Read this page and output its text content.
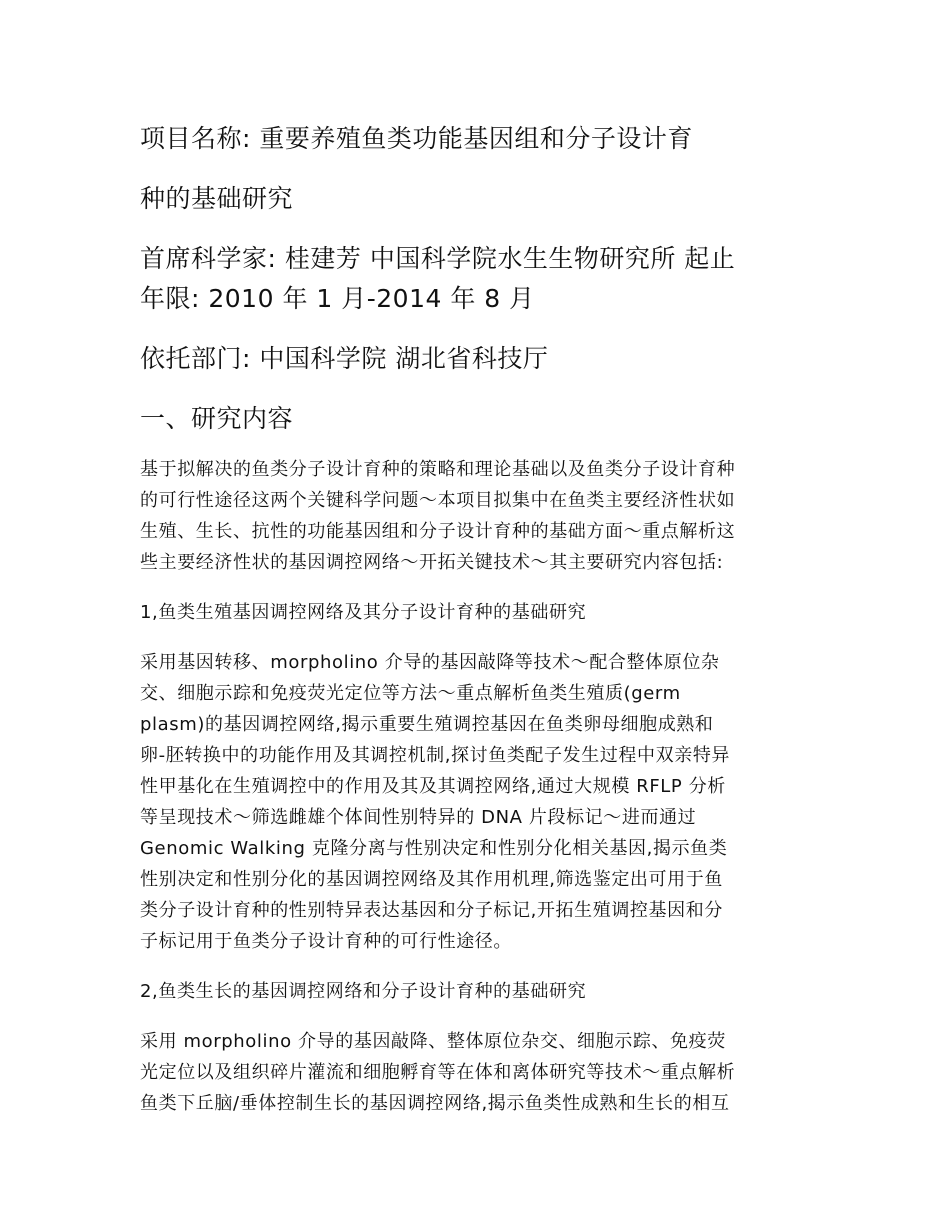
项目名称: 重要养殖鱼类功能基因组和分子设计育
种的基础研究
首席科学家: 桂建芳 中国科学院水生生物研究所 起止
年限: 2010 年 1 月-2014 年 8 月
依托部门: 中国科学院 湖北省科技厅
一、研究内容
基于拟解决的鱼类分子设计育种的策略和理论基础以及鱼类分子设计育种
的可行性途径这两个关键科学问题～本项目拟集中在鱼类主要经济性状如
生殖、生长、抗性的功能基因组和分子设计育种的基础方面～重点解析这
些主要经济性状的基因调控网络～开拓关键技术～其主要研究内容包括:
1,鱼类生殖基因调控网络及其分子设计育种的基础研究
采用基因转移、morpholino 介导的基因敲降等技术～配合整体原位杂
交、细胞示踪和免疫荧光定位等方法～重点解析鱼类生殖质(germ
plasm)的基因调控网络,揭示重要生殖调控基因在鱼类卵母细胞成熟和
卵-胚转换中的功能作用及其调控机制,探讨鱼类配子发生过程中双亲特异
性甲基化在生殖调控中的作用及其及其调控网络,通过大规模 RFLP 分析
等呈现技术～筛选雌雄个体间性别特异的 DNA 片段标记～进而通过
Genomic Walking 克隆分离与性别决定和性别分化相关基因,揭示鱼类
性别决定和性别分化的基因调控网络及其作用机理,筛选鉴定出可用于鱼
类分子设计育种的性别特异表达基因和分子标记,开拓生殖调控基因和分
子标记用于鱼类分子设计育种的可行性途径。
2,鱼类生长的基因调控网络和分子设计育种的基础研究
采用 morpholino 介导的基因敲降、整体原位杂交、细胞示踪、免疫荧
光定位以及组织碎片灌流和细胞孵育等在体和离体研究等技术～重点解析
鱼类下丘脑/垂体控制生长的基因调控网络,揭示鱼类性成熟和生长的相互
